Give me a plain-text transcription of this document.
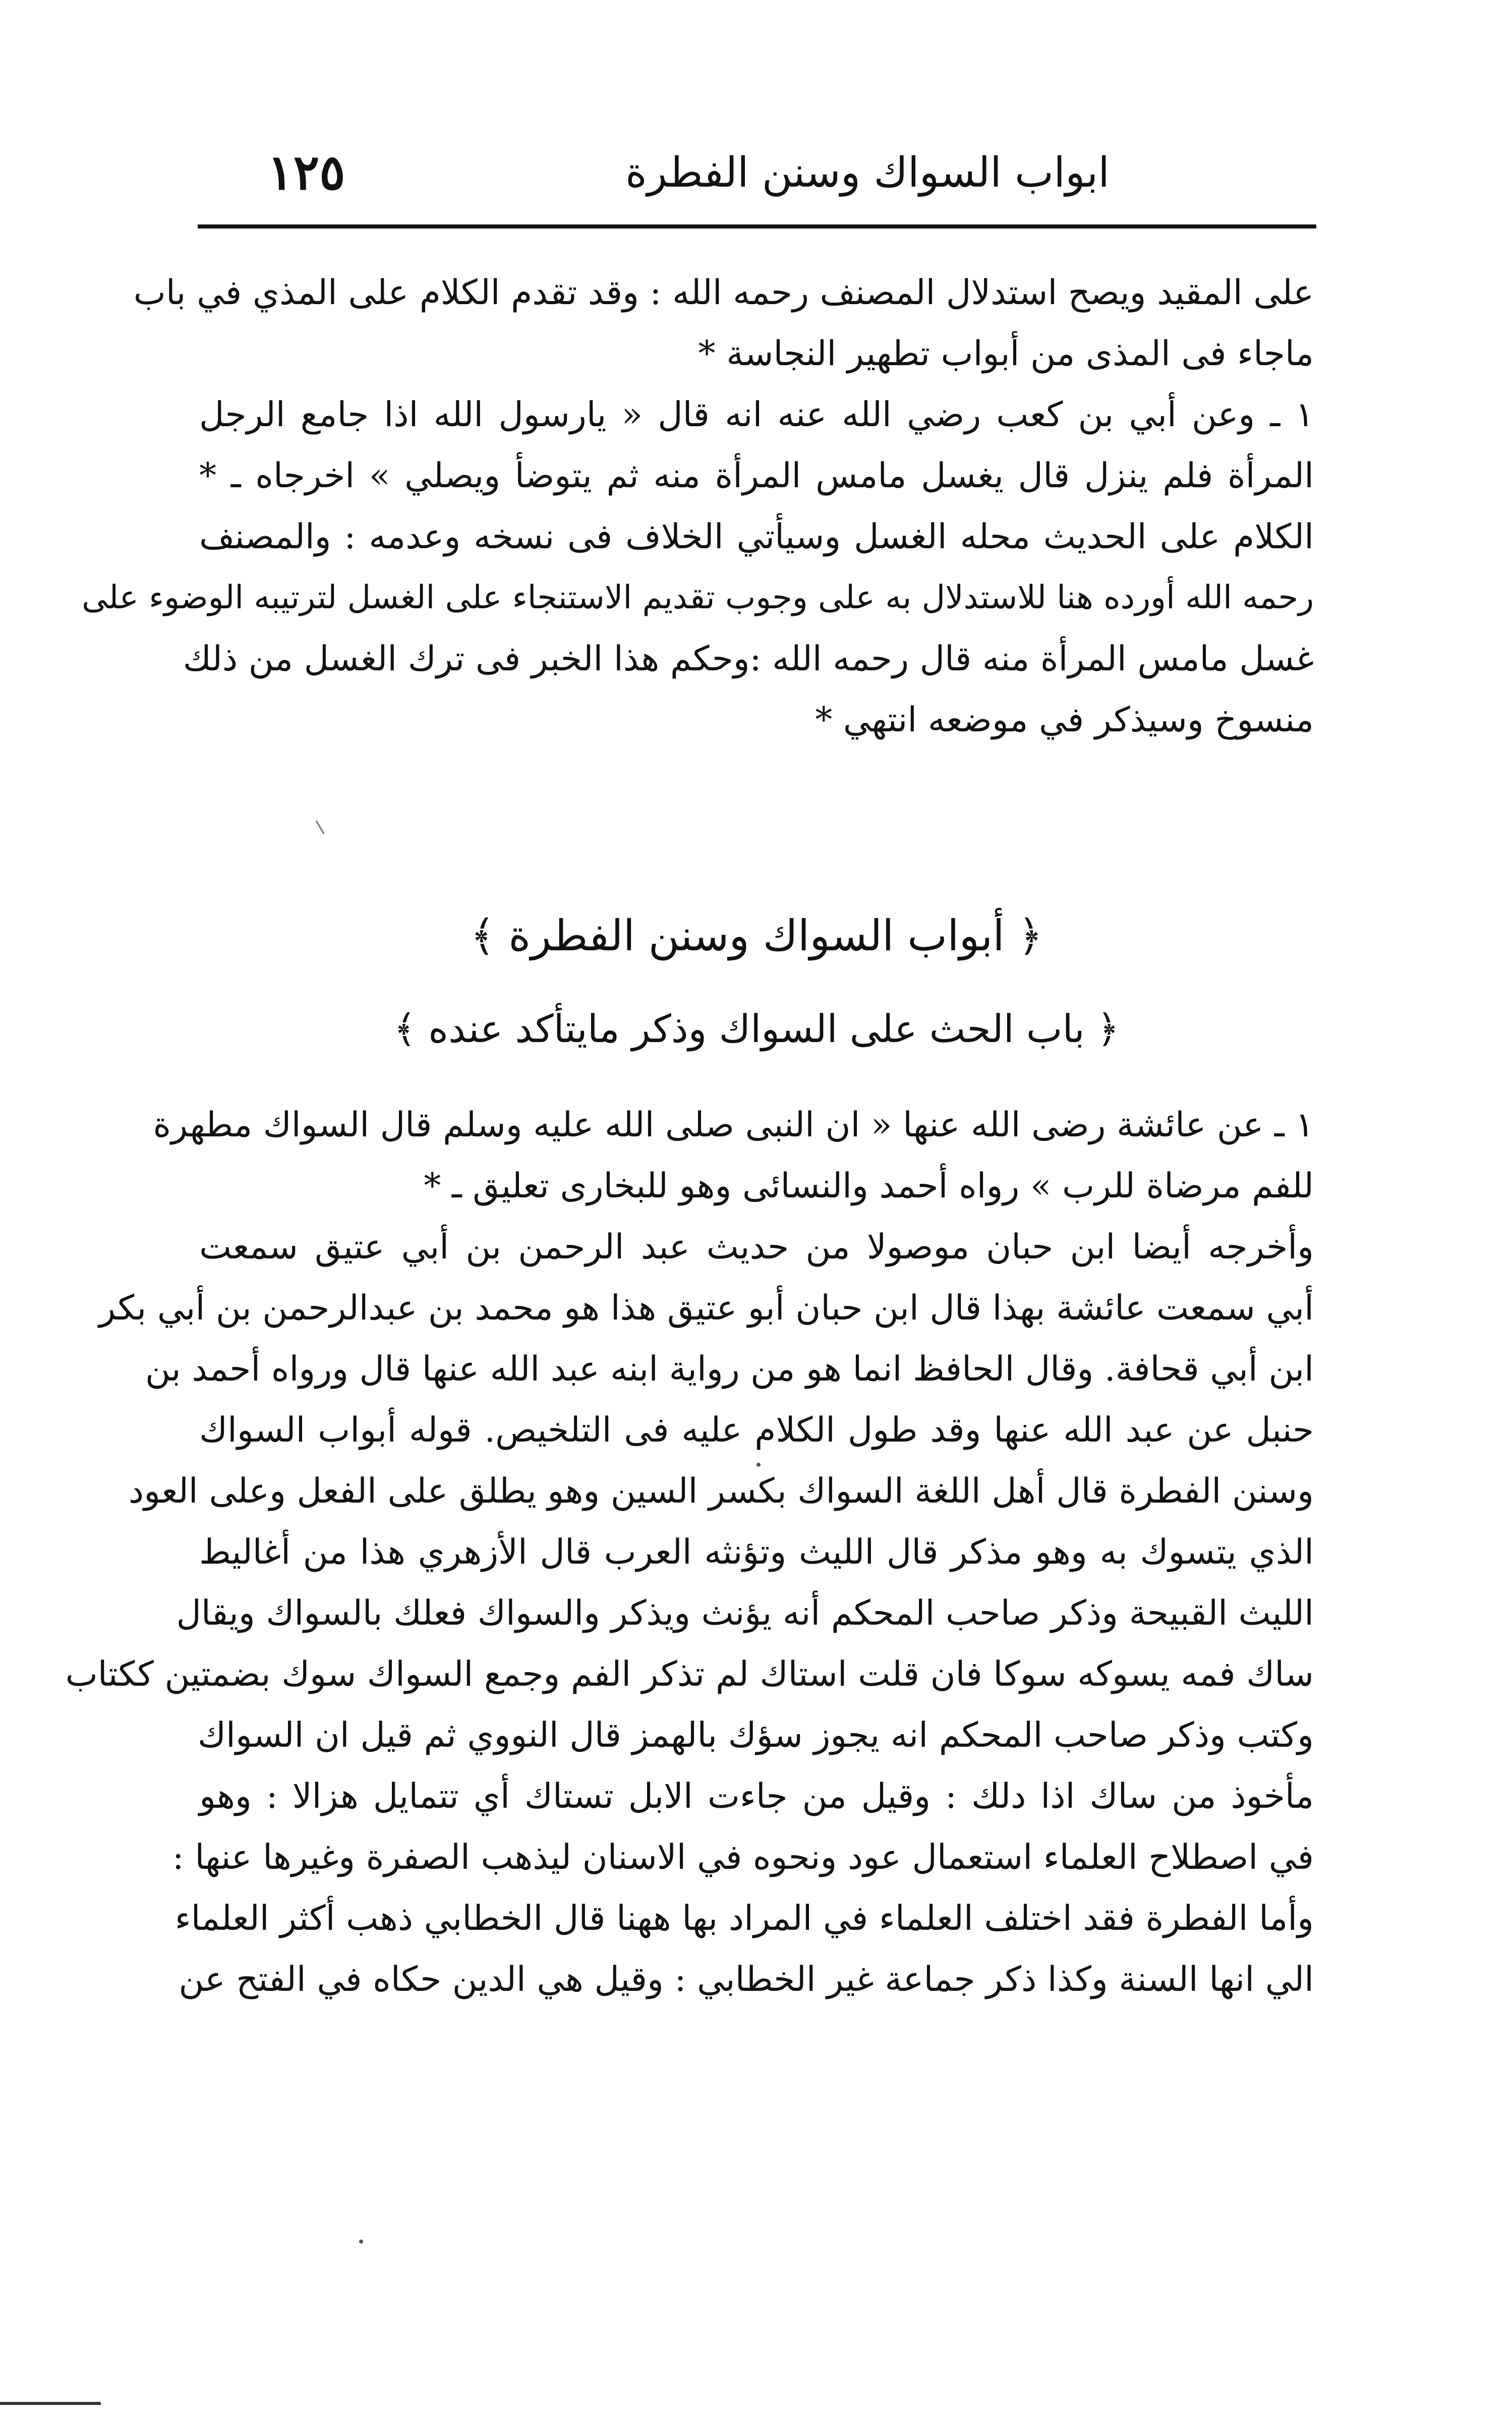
١٢٥	ابواب السواك وسنن الفطرة
على المقيد ويصح استدلال المصنف رحمه الله : وقد تقدم الكلام على المذي في باب
ماجاء فى المذى من أبواب تطهير النجاسة *
١ ـ وعن أبي بن كعب رضي الله عنه انه قال « يارسول الله اذا جامع الرجل
المرأة فلم ينزل قال يغسل مامس المرأة منه ثم يتوضأ ويصلي » اخرجاه ـ *
الكلام على الحديث محله الغسل وسيأتي الخلاف فى نسخه وعدمه : والمصنف
رحمه الله أورده هنا للاستدلال به على وجوب تقديم الاستنجاء على الغسل لترتيبه الوضوء على
غسل مامس المرأة منه قال رحمه الله :وحكم هذا الخبر فى ترك الغسل من ذلك
منسوخ وسيذكر في موضعه انتهي *
﴿ أبواب السواك وسنن الفطرة ﴾
﴿ باب الحث على السواك وذكر مايتأكد عنده ﴾
١ ـ عن عائشة رضى الله عنها « ان النبى صلى الله عليه وسلم قال السواك مطهرة
للفم مرضاة للرب » رواه أحمد والنسائى وهو للبخارى تعليق ـ *
وأخرجه أيضا ابن حبان موصولا من حديث عبد الرحمن بن أبي عتيق سمعت
أبي سمعت عائشة بهذا قال ابن حبان أبو عتيق هذا هو محمد بن عبدالرحمن بن أبي بكر
ابن أبي قحافة. وقال الحافظ انما هو من رواية ابنه عبد الله عنها قال ورواه أحمد بن
حنبل عن عبد الله عنها وقد طول الكلام عليه فى التلخيص. قوله أبواب السواك
وسنن الفطرة قال أهل اللغة السواك بكسر السين وهو يطلق على الفعل وعلى العود
الذي يتسوك به وهو مذكر قال الليث وتؤنثه العرب قال الأزهري هذا من أغاليط
الليث القبيحة وذكر صاحب المحكم أنه يؤنث ويذكر والسواك فعلك بالسواك ويقال
ساك فمه يسوكه سوكا فان قلت استاك لم تذكر الفم وجمع السواك سوك بضمتين ككتاب
وكتب وذكر صاحب المحكم انه يجوز سؤك بالهمز قال النووي ثم قيل ان السواك
مأخوذ من ساك اذا دلك : وقيل من جاءت الابل تستاك أي تتمايل هزالا : وهو
في اصطلاح العلماء استعمال عود ونحوه في الاسنان ليذهب الصفرة وغيرها عنها :
وأما الفطرة فقد اختلف العلماء في المراد بها ههنا قال الخطابي ذهب أكثر العلماء
الي انها السنة وكذا ذكر جماعة غير الخطابي : وقيل هي الدين حكاه في الفتح عن
